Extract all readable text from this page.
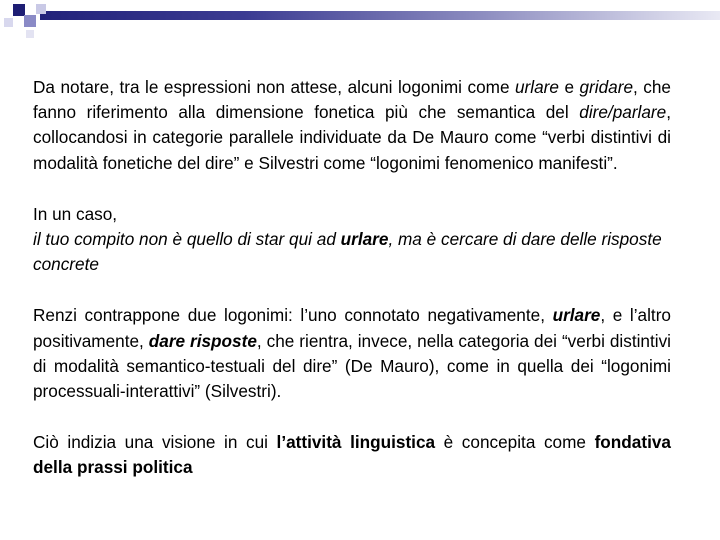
Da notare, tra le espressioni non attese, alcuni logonimi come urlare e gridare, che fanno riferimento alla dimensione fonetica più che semantica del dire/parlare, collocandosi in categorie parallele individuate da De Mauro come “verbi distintivi di modalità fonetiche del dire” e Silvestri come “logonimi fenomenico manifesti”.

In un caso,
il tuo compito non è quello di star qui ad urlare, ma è cercare di dare delle risposte concrete

Renzi contrappone due logonimi: l’uno connotato negativamente, urlare, e l’altro positivamente, dare risposte, che rientra, invece, nella categoria dei “verbi distintivi di modalità semantico-testuali del dire” (De Mauro), come in quella dei “logonimi processuali-interattivi” (Silvestri).

Ciò indizia una visione in cui l’attività linguistica è concepita come fondativa della prassi politica
